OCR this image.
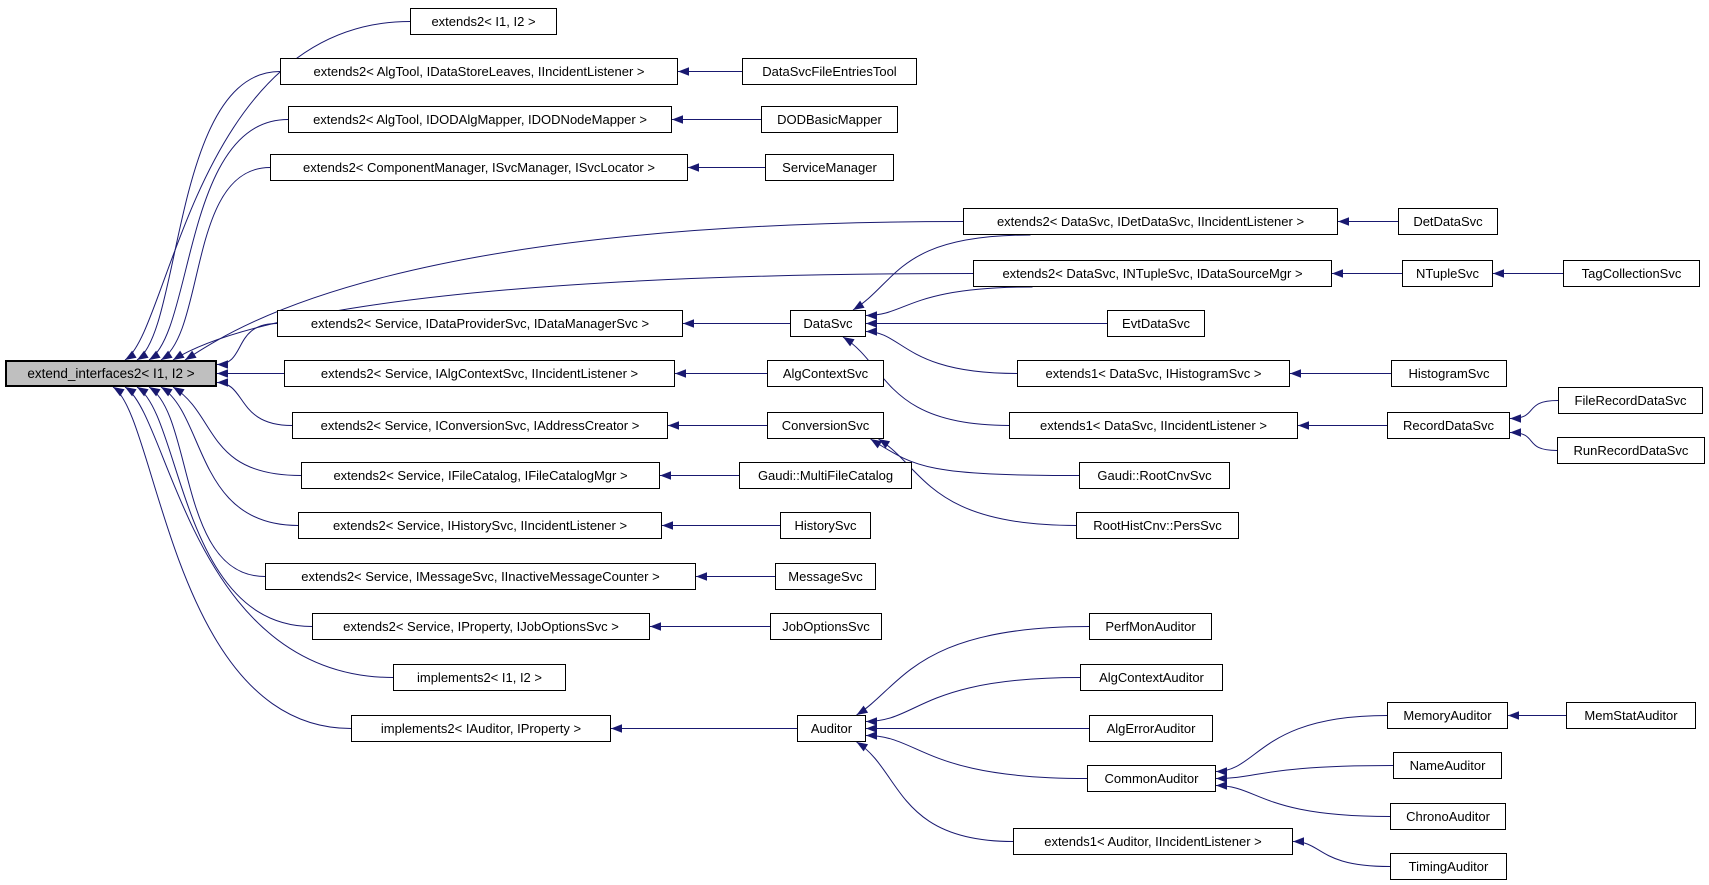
extend_interfaces2< I1, I2 >
extends2< I1, I2 >
extends2< AlgTool, IDataStoreLeaves, IIncidentListener >
extends2< AlgTool, IDODAlgMapper, IDODNodeMapper >
extends2< ComponentManager, ISvcManager, ISvcLocator >
extends2< DataSvc, IDetDataSvc, IIncidentListener >
extends2< DataSvc, INTupleSvc, IDataSourceMgr >
extends2< Service, IDataProviderSvc, IDataManagerSvc >
extends2< Service, IAlgContextSvc, IIncidentListener >
extends2< Service, IConversionSvc, IAddressCreator >
extends2< Service, IFileCatalog, IFileCatalogMgr >
extends2< Service, IHistorySvc, IIncidentListener >
extends2< Service, IMessageSvc, IInactiveMessageCounter >
extends2< Service, IProperty, IJobOptionsSvc >
implements2< I1, I2 >
implements2< IAuditor, IProperty >
DataSvcFileEntriesTool
DODBasicMapper
ServiceManager
DataSvc	EvtDataSvc
AlgContextSvc
ConversionSvc
Gaudi::MultiFileCatalog
HistorySvc
MessageSvc
JobOptionsSvc
Auditor
extends1< DataSvc, IHistogramSvc >
extends1< DataSvc, IIncidentListener >
Gaudi::RootCnvSvc
RootHistCnv::PersSvc
PerfMonAuditor
AlgContextAuditor
AlgErrorAuditor
CommonAuditor
extends1< Auditor, IIncidentListener >
DetDataSvc
NTupleSvc
HistogramSvc
RecordDataSvc
MemoryAuditor
NameAuditor
ChronoAuditor
TimingAuditor
TagCollectionSvc
FileRecordDataSvc
RunRecordDataSvc
MemStatAuditor
